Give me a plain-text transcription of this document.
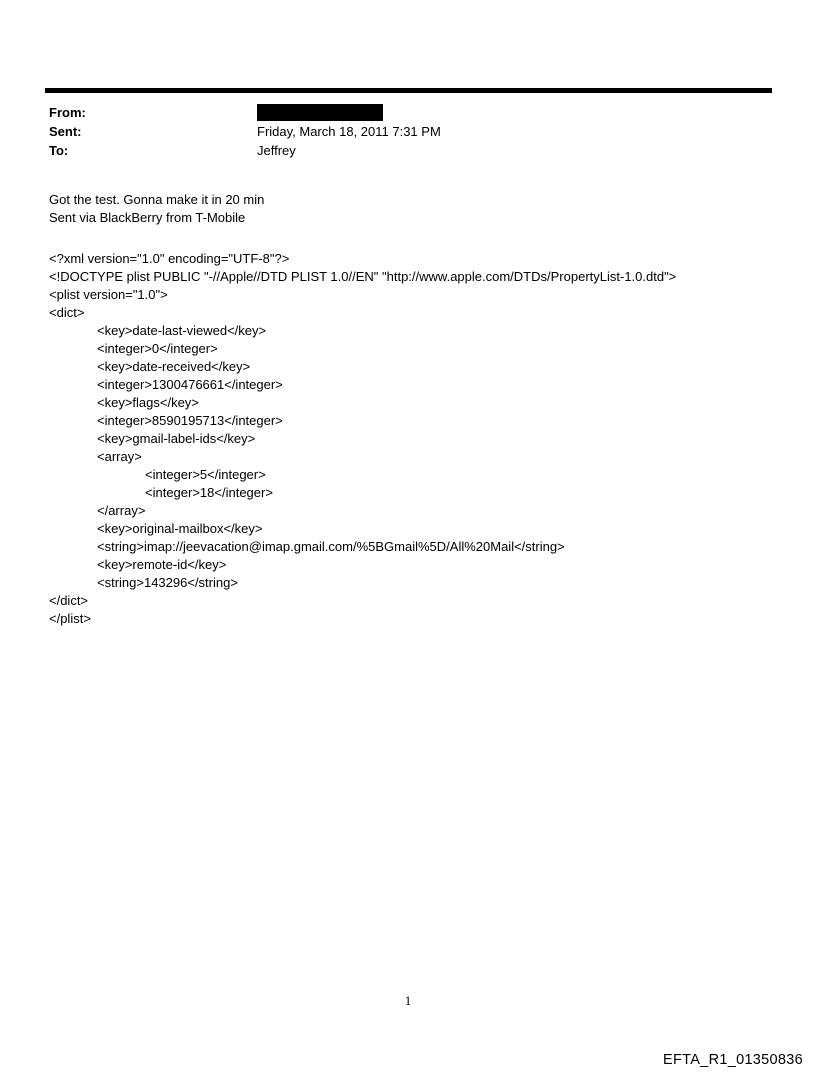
From:
Sent:	Friday, March 18, 2011 7:31 PM
To:	Jeffrey
Got the test. Gonna make it in 20 min
Sent via BlackBerry from T-Mobile
<?xml version="1.0" encoding="UTF-8"?>
<!DOCTYPE plist PUBLIC "-//Apple//DTD PLIST 1.0//EN" "http://www.apple.com/DTDs/PropertyList-1.0.dtd">
<plist version="1.0">
<dict>
<key>date-last-viewed</key>
<integer>0</integer>
<key>date-received</key>
<integer>1300476661</integer>
<key>flags</key>
<integer>8590195713</integer>
<key>gmail-label-ids</key>
<array>
<integer>5</integer>
<integer>18</integer>
</array>
<key>original-mailbox</key>
<string>imap://jeevacation@imap.gmail.com/%5BGmail%5D/All%20Mail</string>
<key>remote-id</key>
<string>143296</string>
</dict>
</plist>
1
EFTA_R1_01350836
